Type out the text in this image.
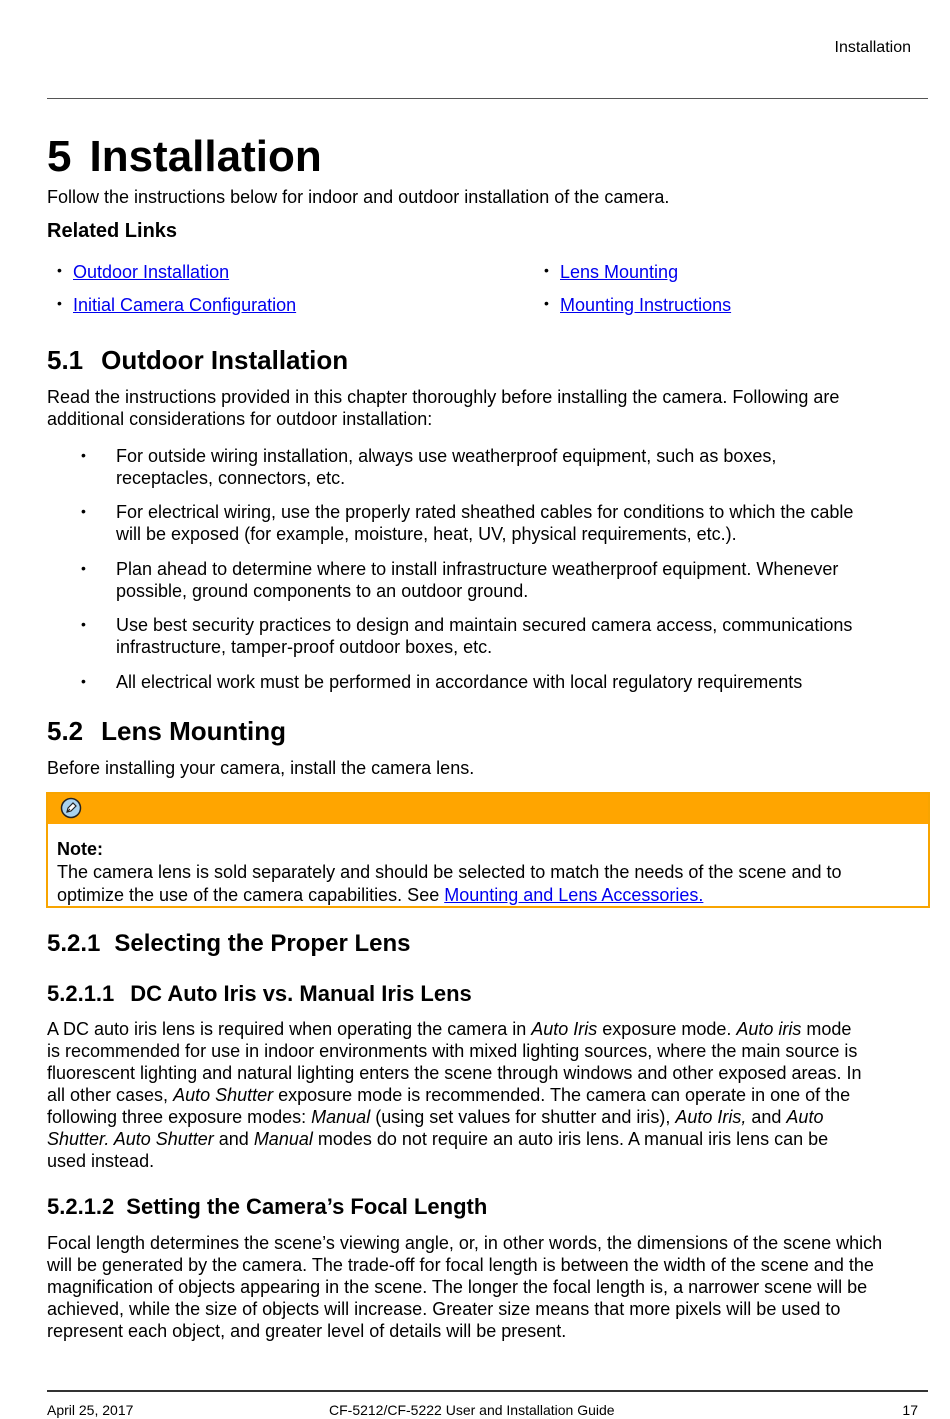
Installation
5 Installation
Follow the instructions below for indoor and outdoor installation of the camera.
Related Links
• Outdoor Installation	• Lens Mounting
• Initial Camera Configuration	• Mounting Instructions
5.1 Outdoor Installation
Read the instructions provided in this chapter thoroughly before installing the camera. Following are
additional considerations for outdoor installation:
• For outside wiring installation, always use weatherproof equipment, such as boxes,
receptacles, connectors, etc.
• For electrical wiring, use the properly rated sheathed cables for conditions to which the cable
will be exposed (for example, moisture, heat, UV, physical requirements, etc.).
• Plan ahead to determine where to install infrastructure weatherproof equipment. Whenever
possible, ground components to an outdoor ground.
• Use best security practices to design and maintain secured camera access, communications
infrastructure, tamper-proof outdoor boxes, etc.
• All electrical work must be performed in accordance with local regulatory requirements
5.2 Lens Mounting
Before installing your camera, install the camera lens.
Note:
The camera lens is sold separately and should be selected to match the needs of the scene and to
optimize the use of the camera capabilities. See Mounting and Lens Accessories.
5.2.1 Selecting the Proper Lens
5.2.1.1 DC Auto Iris vs. Manual Iris Lens
A DC auto iris lens is required when operating the camera in Auto Iris exposure mode. Auto iris mode
is recommended for use in indoor environments with mixed lighting sources, where the main source is
fluorescent lighting and natural lighting enters the scene through windows and other exposed areas. In
all other cases, Auto Shutter exposure mode is recommended. The camera can operate in one of the
following three exposure modes: Manual (using set values for shutter and iris), Auto Iris, and Auto
Shutter. Auto Shutter and Manual modes do not require an auto iris lens. A manual iris lens can be
used instead.
5.2.1.2 Setting the Camera’s Focal Length
Focal length determines the scene’s viewing angle, or, in other words, the dimensions of the scene which
will be generated by the camera. The trade-off for focal length is between the width of the scene and the
magnification of objects appearing in the scene. The longer the focal length is, a narrower scene will be
achieved, while the size of objects will increase. Greater size means that more pixels will be used to
represent each object, and greater level of details will be present.
April 25, 2017	CF-5212/CF-5222 User and Installation Guide	17
